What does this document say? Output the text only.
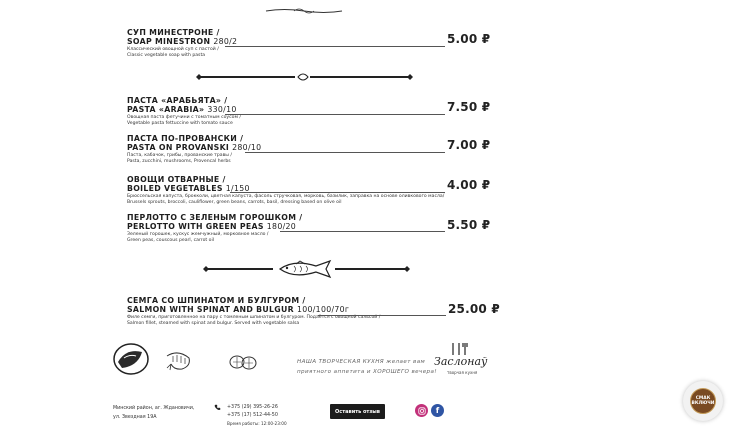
СУП МИНЕСТРОНЕ /
SOAP MINESTRON 280/2
Классический овощной суп с пастой /
Classic vegetable soap with pasta
5.00 ₽
ПАСТА «АРАБЬЯТА» /
PASTA «ARABIA» 330/10
Овощная паста фетучини с томатным соусом /
Vegetable pasta fettuccine with tomato sauce
7.50 ₽
ПАСТА ПО-ПРОВАНСКИ /
PASTA ON PROVANSKI 280/10
Паста, кабачок, грибы, прованские травы /
Pasta, zucchini, mushrooms, Provencal herbs
7.00 ₽
ОВОЩИ ОТВАРНЫЕ /
BOILED VEGETABLES 1/150
Брюссельская капуста, брокколи, цветная капуста, фасоль стручковая, морковь, базилик, заправка на основе оливкового масла/
Brussels sprouts, broccoli, cauliflower, green beans, carrots, basil, dressing based on olive oil
4.00 ₽
ПЕРЛОТТО С ЗЕЛЕНЫМ ГОРОШКОМ /
PERLOTTO WITH GREEN PEAS 180/20
Зеленый горошек, кускус жемчужный, морковное масло /
Green peas, couscous pearl, carrot oil
5.50 ₽
СЕМГА СО ШПИНАТОМ И БУЛГУРОМ /
SALMON WITH SPINAT AND BULGUR 100/100/70г
Филе семги, приготовленное на пару с томленым шпинатом и булгуром. Подаётся с овощной сальсой /
Salmon fillet, steamed with spinat and bulgur. Served with vegetable salsa
25.00 ₽
НАША ТВОРЧЕСКАЯ КУХНЯ желает вам
приятного аппетита и ХОРОШЕГО вечера!
Заслонаў
творчая кухня
Минский район, аг. Ждановичи,
ул. Звездная 19А
+375 (29) 395-26-26
+375 (17) 512-44-50
Время работы: 12:00-23:00
Оставить отзыв	f
СМАК ВКЛЮЧИ
